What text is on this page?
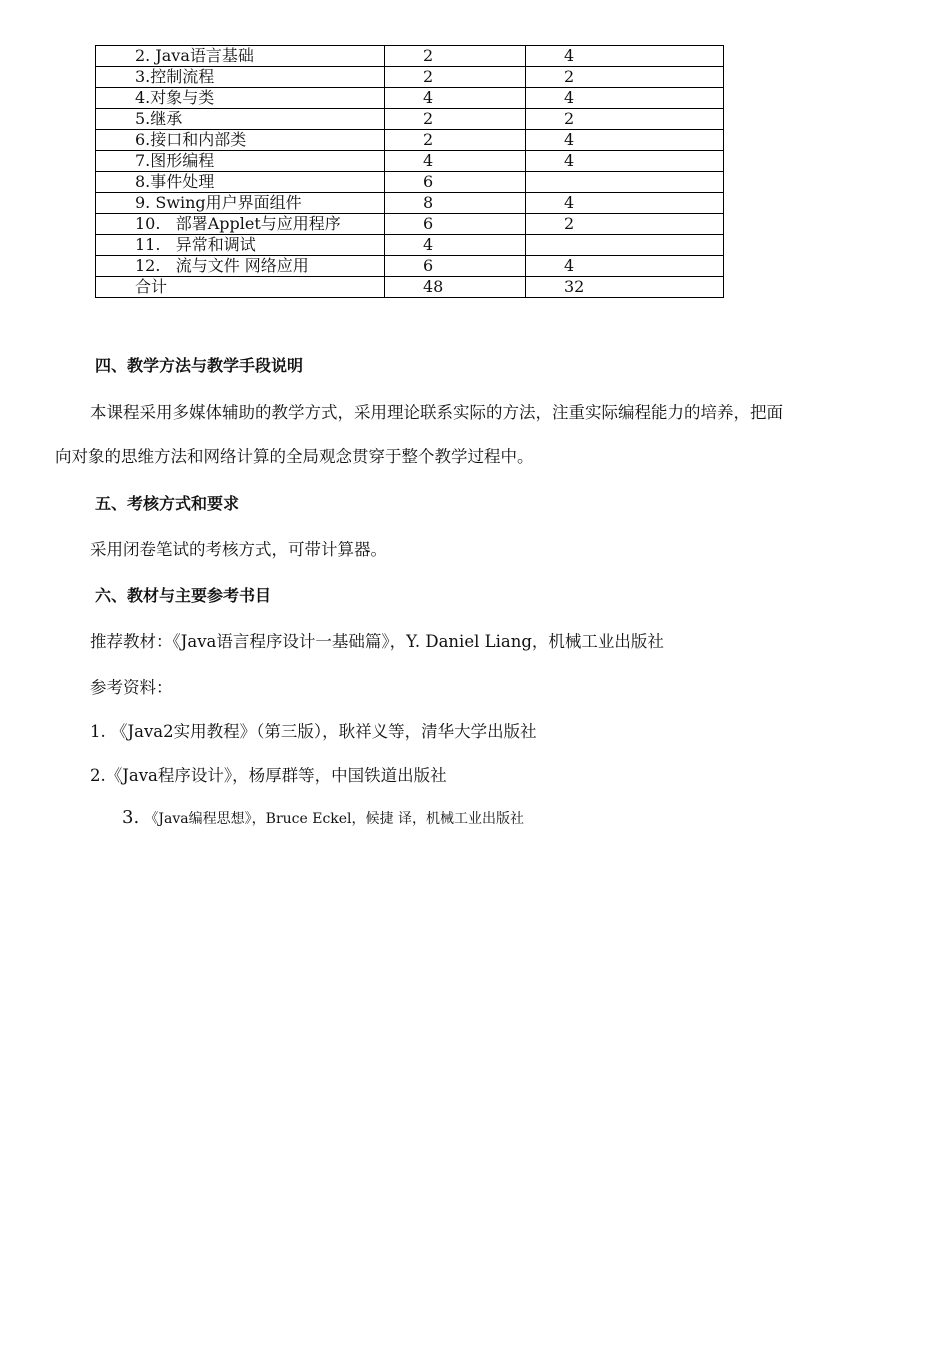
2. Java语言基础	2	4
3.控制流程	2	2
4.对象与类	4	4
5.继承	2	2
6.接口和内部类	2	4
7.图形编程	4	4
8.事件处理	6	
9. Swing用户界面组件	8	4
10.   部署Applet与应用程序	6	2
11.   异常和调试	4	
12.   流与文件 网络应用	6	4
合计	48	32
四、教学方法与教学手段说明
本课程采用多媒体辅助的教学方式，采用理论联系实际的方法，注重实际编程能力的培养，把面
向对象的思维方法和网络计算的全局观念贯穿于整个教学过程中。
五、考核方式和要求
采用闭卷笔试的考核方式，可带计算器。
六、教材与主要参考书目
推荐教材：《Java语言程序设计一基础篇》，Y. Daniel Liang，机械工业出版社
参考资料：
1. 《Java2实用教程》（第三版），耿祥义等，清华大学出版社
2.《Java程序设计》，杨厚群等，中国铁道出版社
3. 《Java编程思想》，Bruce Eckel，候捷 译，机械工业出版社
